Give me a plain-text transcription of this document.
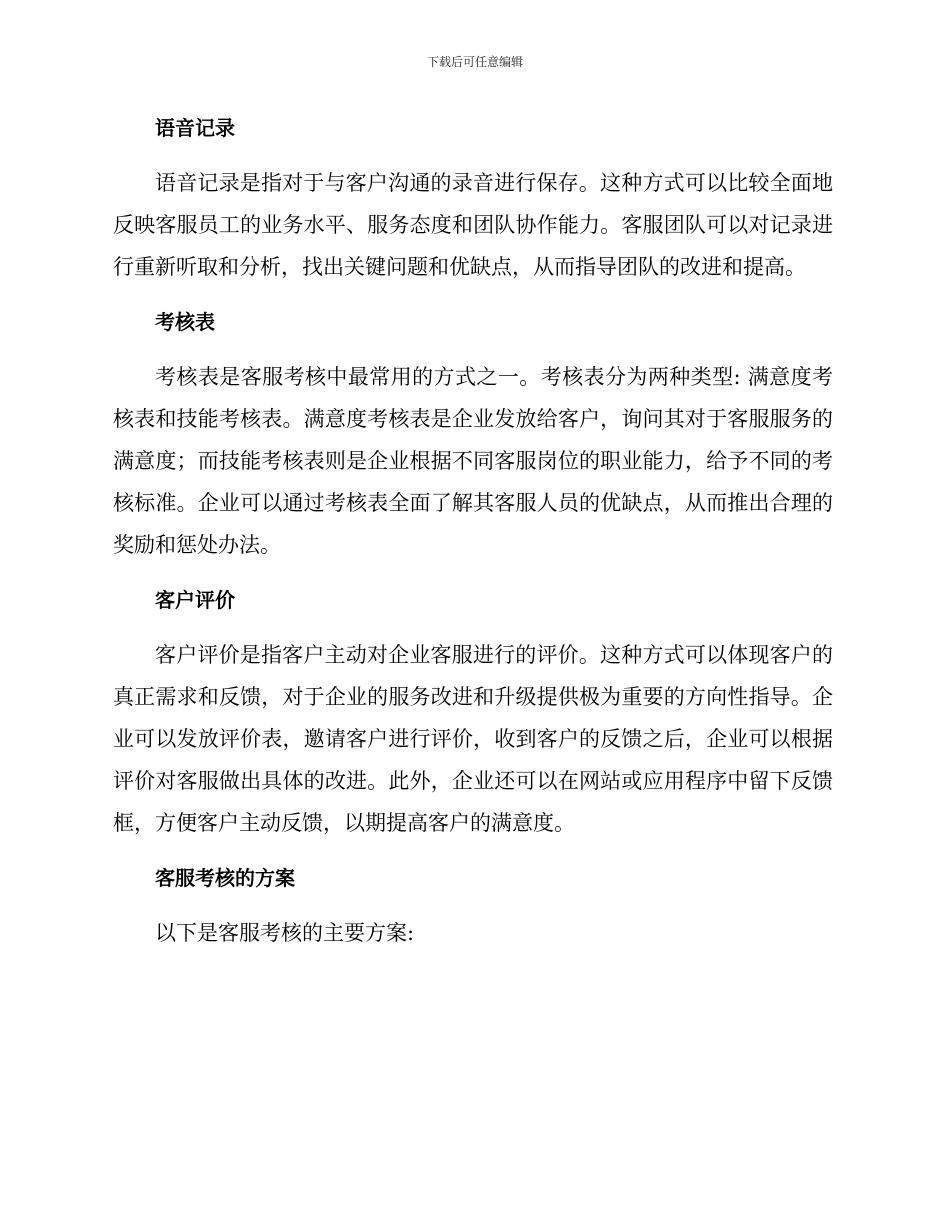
下载后可任意编辑
语音记录

语音记录是指对于与客户沟通的录音进行保存。这种方式可以比较全面地反映客服员工的业务水平、服务态度和团队协作能力。客服团队可以对记录进行重新听取和分析，找出关键问题和优缺点，从而指导团队的改进和提高。

考核表

考核表是客服考核中最常用的方式之一。考核表分为两种类型: 满意度考核表和技能考核表。满意度考核表是企业发放给客户，询问其对于客服服务的满意度；而技能考核表则是企业根据不同客服岗位的职业能力，给予不同的考核标准。企业可以通过考核表全面了解其客服人员的优缺点，从而推出合理的奖励和惩处办法。

客户评价

客户评价是指客户主动对企业客服进行的评价。这种方式可以体现客户的真正需求和反馈，对于企业的服务改进和升级提供极为重要的方向性指导。企业可以发放评价表，邀请客户进行评价，收到客户的反馈之后，企业可以根据评价对客服做出具体的改进。此外，企业还可以在网站或应用程序中留下反馈框，方便客户主动反馈，以期提高客户的满意度。

客服考核的方案

以下是客服考核的主要方案:
